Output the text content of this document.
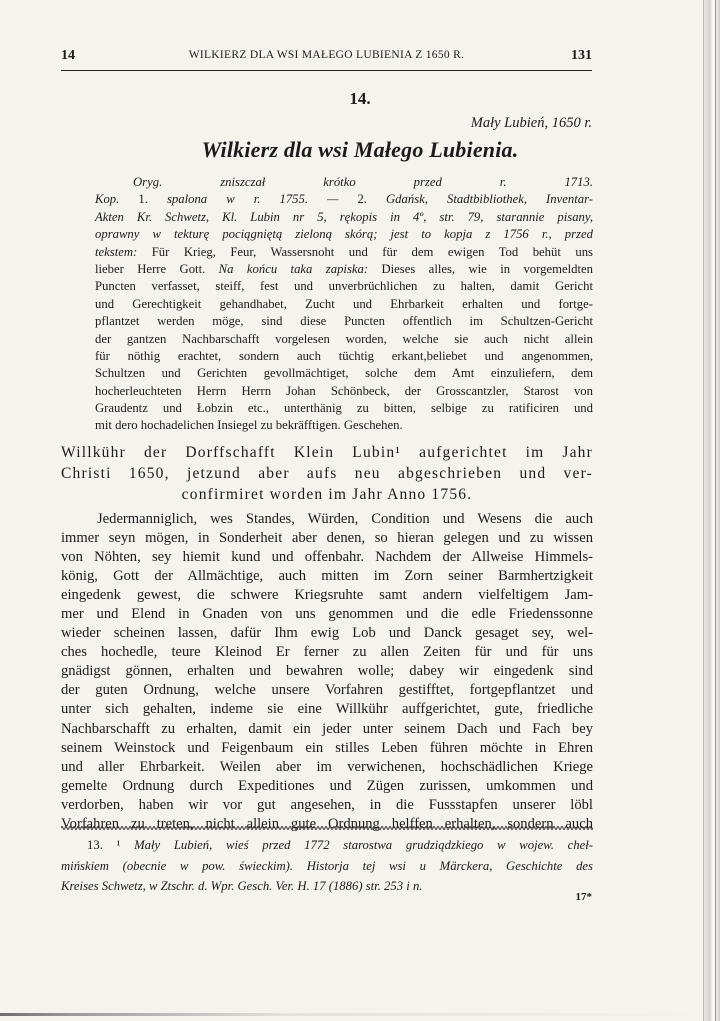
14	WILKIERZ DLA WSI MAŁEGO LUBIENIA Z 1650 R.	131
14.
Mały Lubień, 1650 r.
Wilkierz dla wsi Małego Lubienia.
Oryg. zniszczał krótko przed r. 1713.
Kop. 1. spalona w r. 1755. — 2. Gdańsk, Stadtbibliothek, Inventar-
Akten Kr. Schwetz, Kl. Lubin nr 5, rękopis in 4º, str. 79, starannie pisany,
oprawny w tekturę pociągniętą zieloną skórą; jest to kopja z 1756 r., przed
tekstem: Für Krieg, Feur, Wassersnoht und für dem ewigen Tod behüt uns
lieber Herre Gott. Na końcu taka zapiska: Dieses alles, wie in vorgemeldten
Puncten verfasset, steiff, fest und unverbrüchlichen zu halten, damit Gericht
und Gerechtigkeit gehandhabet, Zucht und Ehrbarkeit erhalten und fortge-
pflantzet werden möge, sind diese Puncten offentlich im Schultzen-Gericht
der gantzen Nachbarschafft vorgelesen worden, welche sie auch nicht allein
für nöthig erachtet, sondern auch tüchtig erkant,beliebet und angenommen,
Schultzen und Gerichten gevollmächtiget, solche dem Amt einzuliefern, dem
hocherleuchteten Herrn Herrn Johan Schönbeck, der Grosscantzler, Starost von
Graudentz und Łobzin etc., unterthänig zu bitten, selbige zu ratificiren und
mit dero hochadelichen Insiegel zu bekräfftigen. Geschehen.
Willkühr der Dorffschafft Klein Lubin¹ aufgerichtet im Jahr
Christi 1650, jetzund aber aufs neu abgeschrieben und ver-
confirmiret worden im Jahr Anno 1756.
Jedermanniglich, wes Standes, Würden, Condition und Wesens die auch
immer seyn mögen, in Sonderheit aber denen, so hieran gelegen und zu wissen
von Nöhten, sey hiemit kund und offenbahr. Nachdem der Allweise Himmels-
könig, Gott der Allmächtige, auch mitten im Zorn seiner Barmhertzigkeit
eingedenk gewest, die schwere Kriegsruhte samt andern vielfeltigem Jam-
mer und Elend in Gnaden von uns genommen und die edle Friedenssonne
wieder scheinen lassen, dafür Ihm ewig Lob und Danck gesaget sey, wel-
ches hochedle, teure Kleinod Er ferner zu allen Zeiten für und für uns
gnädigst gönnen, erhalten und bewahren wolle; dabey wir eingedenk sind
der guten Ordnung, welche unsere Vorfahren gestifftet, fortgepflantzet und
unter sich gehalten, indeme sie eine Willkühr auffgerichtet, gute, friedliche
Nachbarschafft zu erhalten, damit ein jeder unter seinem Dach und Fach bey
seinem Weinstock und Feigenbaum ein stilles Leben führen möchte in Ehren
und aller Ehrbarkeit. Weilen aber im verwichenen, hochschädlichen Kriege
gemelte Ordnung durch Expeditiones und Zügen zurissen, umkommen und
verdorben, haben wir vor gut angesehen, in die Fussstapfen unserer löbl
Vorfahren zu treten, nicht allein gute Ordnung helffen erhalten, sondern auch
13. ¹ Mały Lubień, wieś przed 1772 starostwa grudziądzkiego w wojew. cheł-
mińskiem (obecnie w pow. świeckim). Historja tej wsi u Märckera, Geschichte des
Kreises Schwetz, w Ztschr. d. Wpr. Gesch. Ver. H. 17 (1886) str. 253 i n.
17*
